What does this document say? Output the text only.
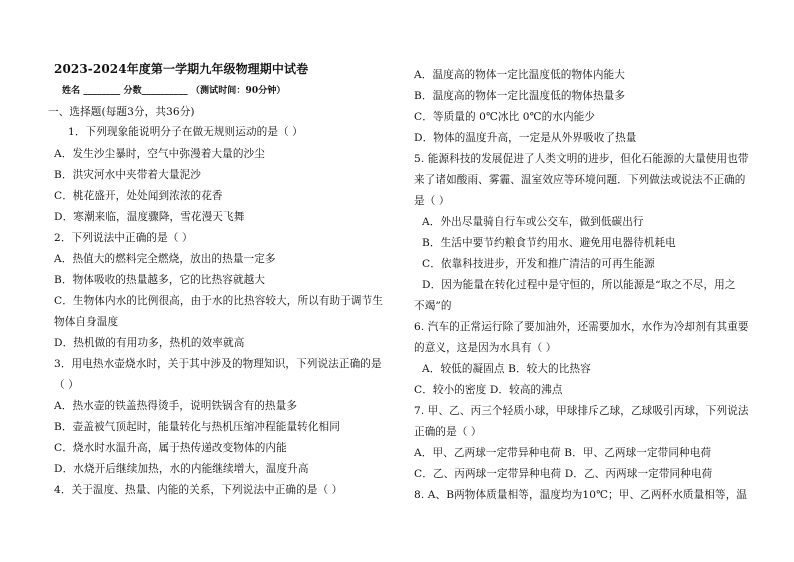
2023-2024年度第一学期九年级物理期中试卷
姓名 ________ 分数__________ （测试时间：90分钟）
一、选择题(每题3分，共36分)
1．下列现象能说明分子在做无规则运动的是（ ）
A．发生沙尘暴时，空气中弥漫着大量的沙尘
B．洪灾河水中夹带着大量泥沙
C．桃花盛开，处处闻到浓浓的花香
D．寒潮来临，温度骤降，雪花漫天飞舞
2．下列说法中正确的是（ ）
A．热值大的燃料完全燃烧，放出的热量一定多
B．物体吸收的热量越多，它的比热容就越大
C．生物体内水的比例很高，由于水的比热容较大，所以有助于调节生
物体自身温度
D．热机做的有用功多，热机的效率就高
3．用电热水壶烧水时，关于其中涉及的物理知识，下列说法正确的是
（ ）
A．热水壶的铁盖热得烫手，说明铁锅含有的热量多
B．壶盖被气顶起时，能量转化与热机压缩冲程能量转化相同
C．烧水时水温升高，属于热传递改变物体的内能
D．水烧开后继续加热，水的内能继续增大，温度升高
4．关于温度、热量、内能的关系，下列说法中正确的是（ ）
A．温度高的物体一定比温度低的物体内能大
B．温度高的物体一定比温度低的物体热量多
C．等质量的 0℃冰比 0℃的水内能少
D．物体的温度升高，一定是从外界吸收了热量
5. 能源科技的发展促进了人类文明的进步，但化石能源的大量使用也带
来了诸如酸雨、雾霾、温室效应等环境问题．下列做法或说法不正确的
是（ ）
A．外出尽量骑自行车或公交车，做到低碳出行
B．生活中要节约粮食节约用水、避免用电器待机耗电
C．依靠科技进步，开发和推广清洁的可再生能源
D．因为能量在转化过程中是守恒的，所以能源是“取之不尽，用之
不竭”的
6. 汽车的正常运行除了要加油外，还需要加水，水作为冷却剂有其重要
的意义，这是因为水具有（ ）
A．较低的凝固点 B．较大的比热容
C．较小的密度 D．较高的沸点
7. 甲、乙、丙三个轻质小球，甲球排斥乙球，乙球吸引丙球，下列说法
正确的是（ ）
A．甲、乙两球一定带异种电荷 B．甲、乙两球一定带同种电荷
C．乙、丙两球一定带异种电荷 D．乙、丙两球一定带同种电荷
8. A、B两物体质量相等，温度均为10℃；甲、乙两杯水质量相等，温
